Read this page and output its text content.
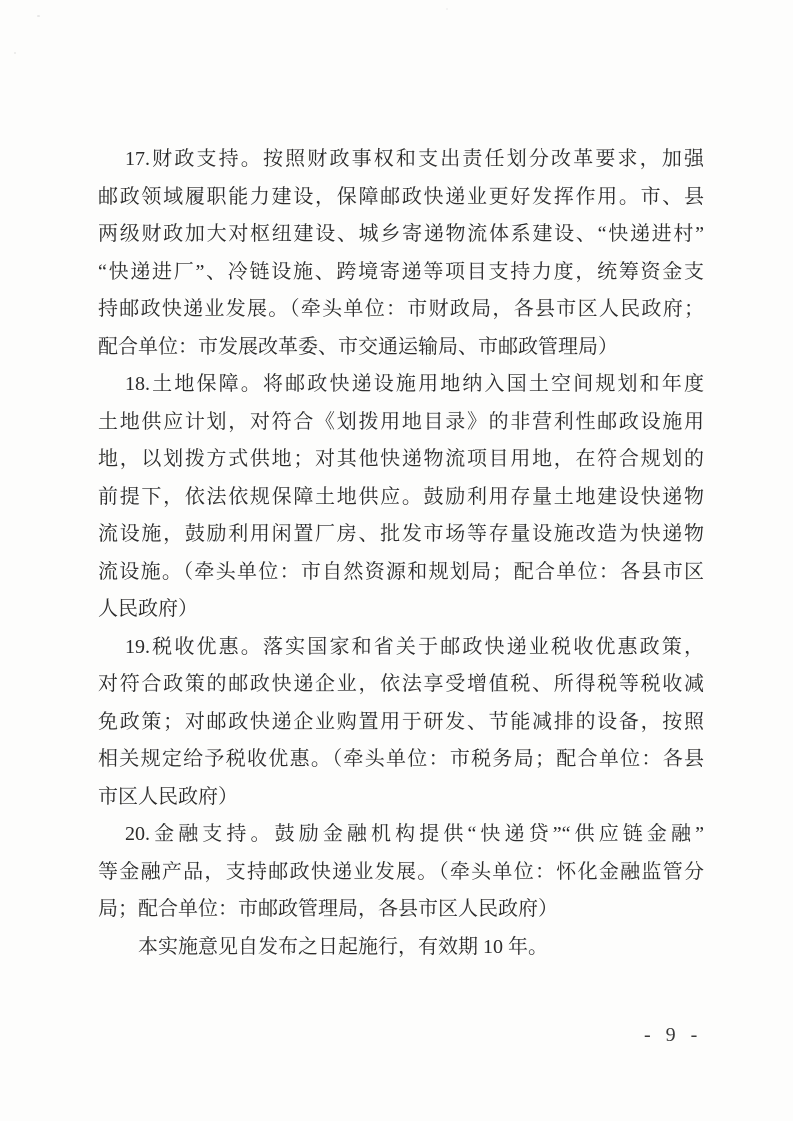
17.财政支持。按照财政事权和支出责任划分改革要求，加强
邮政领域履职能力建设，保障邮政快递业更好发挥作用。市、县
两级财政加大对枢纽建设、城乡寄递物流体系建设、“快递进村”
“快递进厂”、冷链设施、跨境寄递等项目支持力度，统筹资金支
持邮政快递业发展。（牵头单位：市财政局，各县市区人民政府；
配合单位：市发展改革委、市交通运输局、市邮政管理局）
18.土地保障。将邮政快递设施用地纳入国土空间规划和年度
土地供应计划，对符合《划拨用地目录》的非营利性邮政设施用
地，以划拨方式供地；对其他快递物流项目用地，在符合规划的
前提下，依法依规保障土地供应。鼓励利用存量土地建设快递物
流设施，鼓励利用闲置厂房、批发市场等存量设施改造为快递物
流设施。（牵头单位：市自然资源和规划局；配合单位：各县市区
人民政府）
19.税收优惠。落实国家和省关于邮政快递业税收优惠政策，
对符合政策的邮政快递企业，依法享受增值税、所得税等税收减
免政策；对邮政快递企业购置用于研发、节能减排的设备，按照
相关规定给予税收优惠。（牵头单位：市税务局；配合单位：各县
市区人民政府）
20.金融支持。鼓励金融机构提供“快递贷”“供应链金融”
等金融产品，支持邮政快递业发展。（牵头单位：怀化金融监管分
局；配合单位：市邮政管理局，各县市区人民政府）
本实施意见自发布之日起施行，有效期 10 年。
- 9 -
